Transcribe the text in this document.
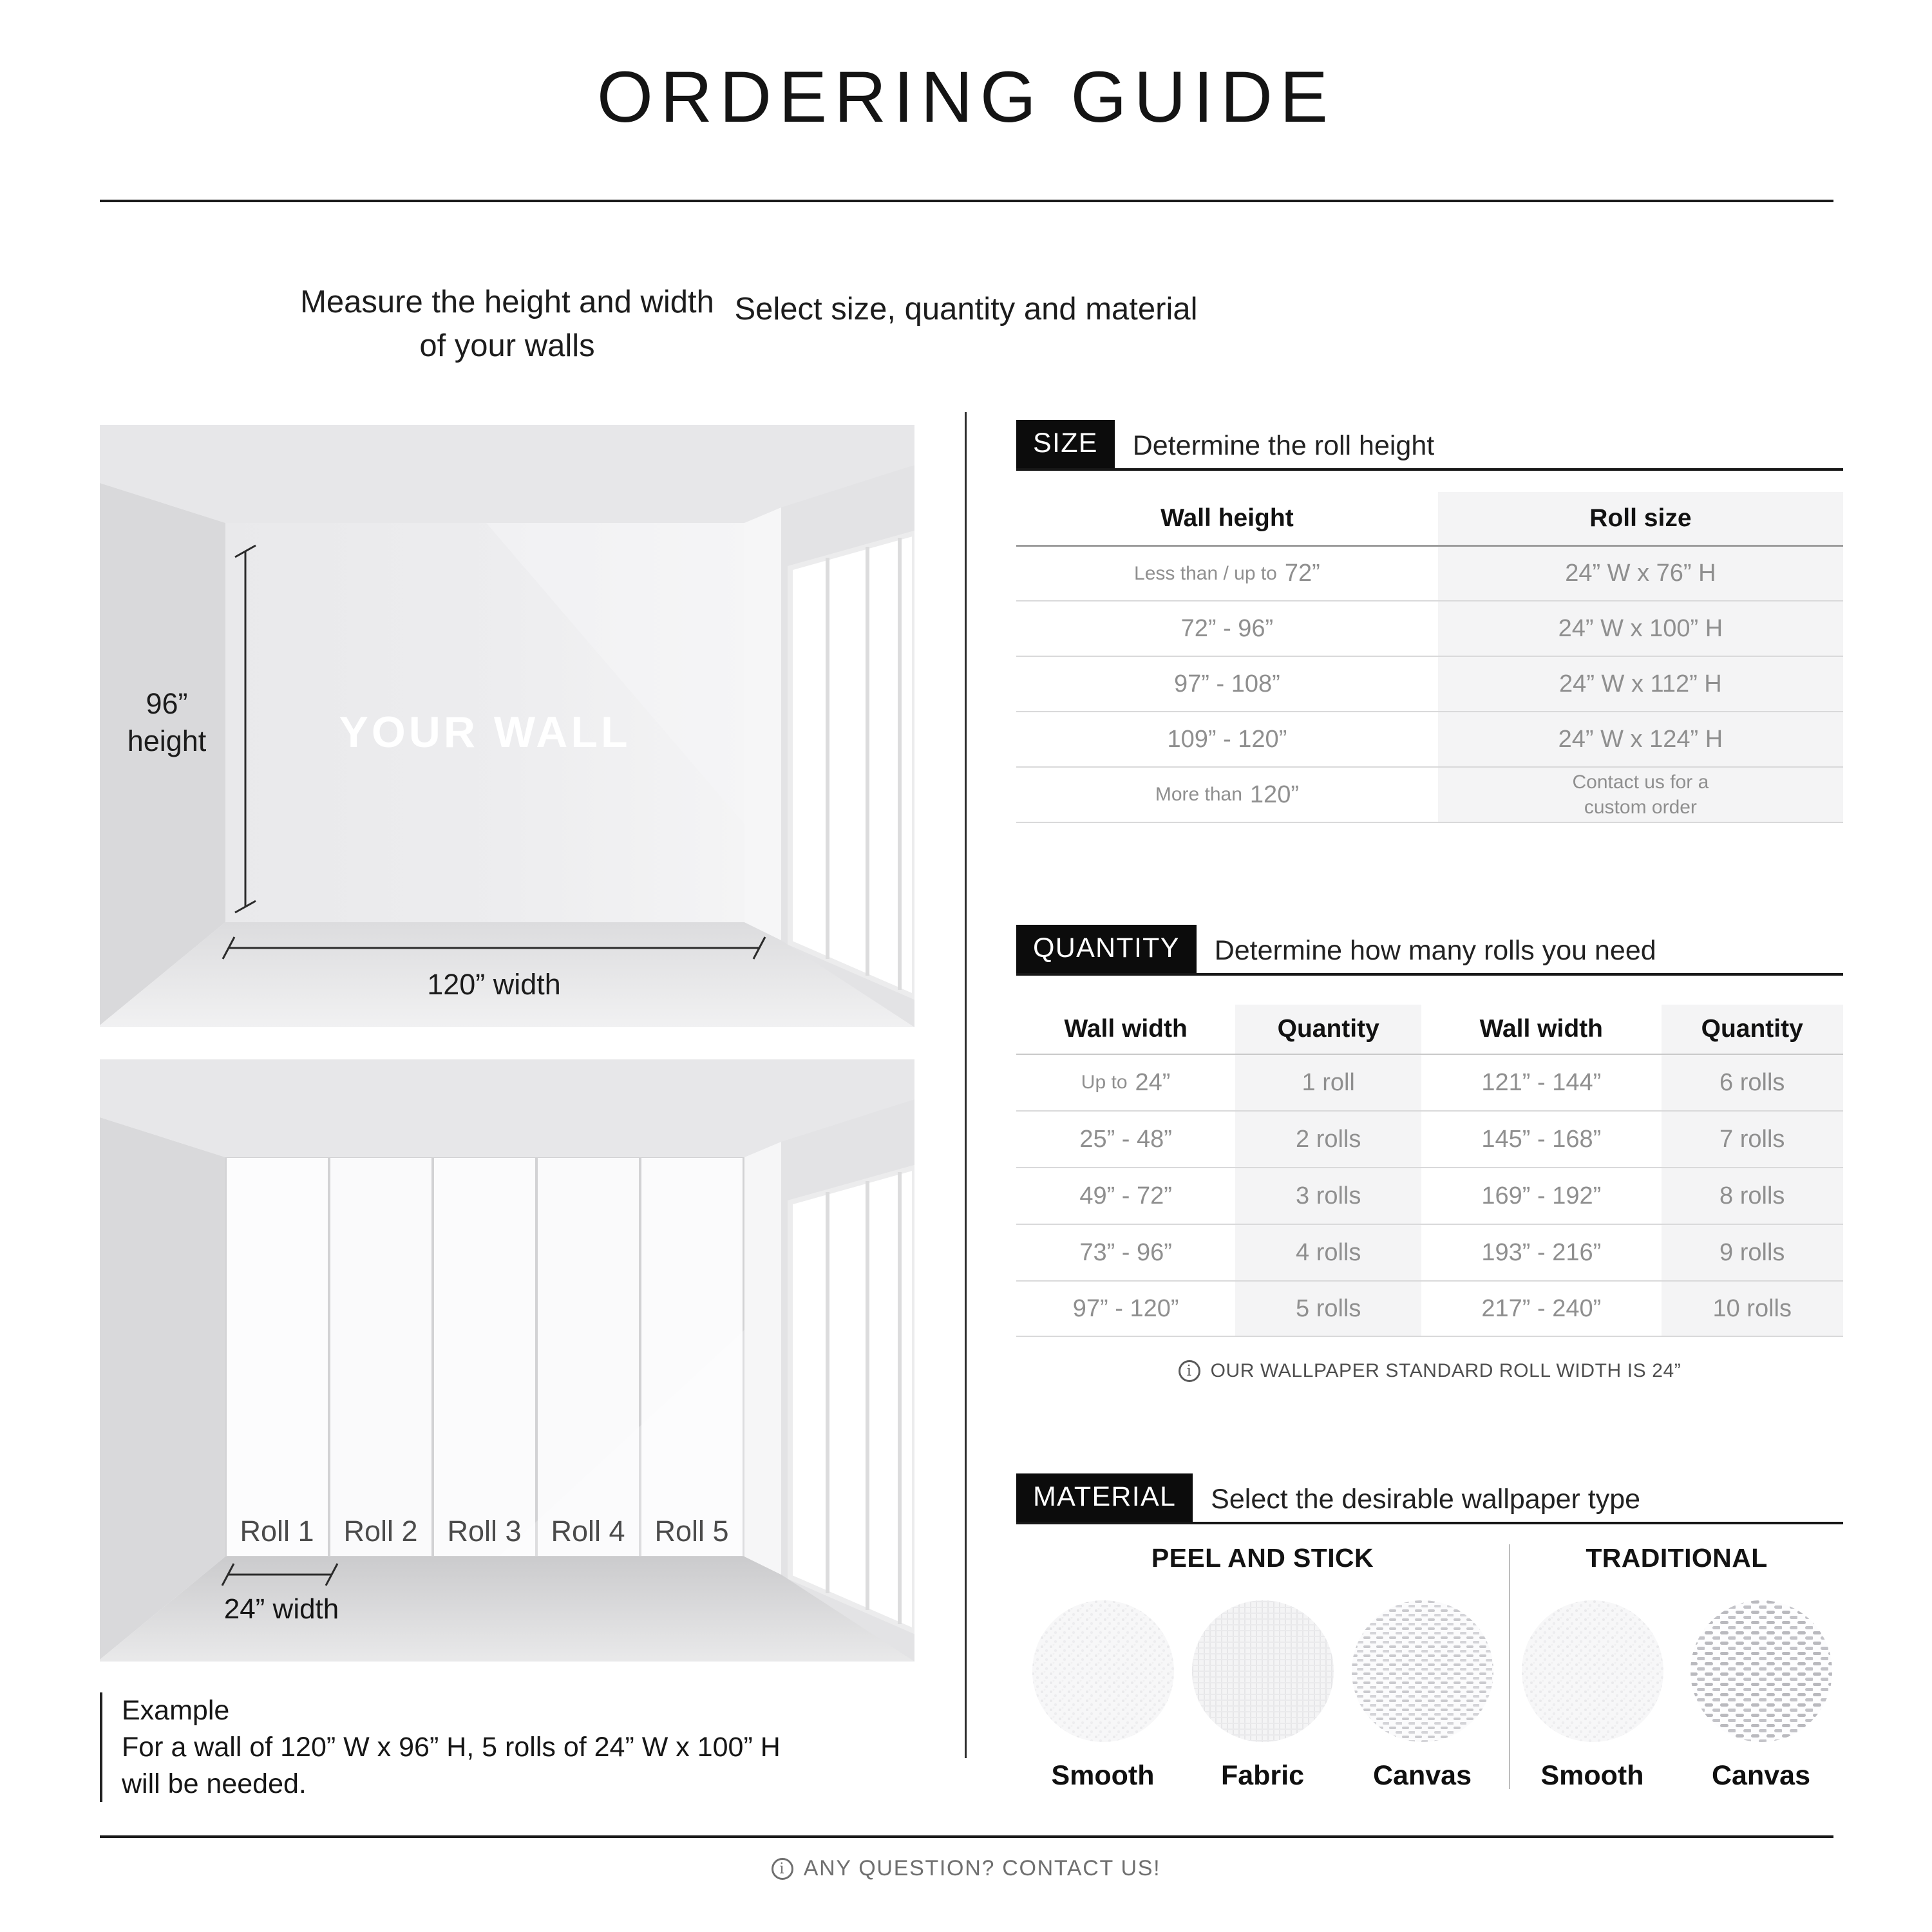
ORDERING GUIDE
Measure the height and width
of your walls
Select size, quantity and material
YOUR WALL
96”
height
120” width
Roll 1 Roll 2 Roll 3 Roll 4 Roll 5
24” width
Example
For a wall of 120” W x 96” H, 5 rolls of 24” W x 100” H
will be needed.
SIZE	Determine the roll height
Wall height	Roll size
Less than / up to 72”	24” W x 76” H
72” - 96”	24” W x 100” H
97” - 108”	24” W x 112” H
109” - 120”	24” W x 124” H
More than 120”	Contact us for a custom order
QUANTITY	Determine how many rolls you need
Wall width	Quantity	Wall width	Quantity
Up to 24”	1 roll	121” - 144”	6 rolls
25” - 48”	2 rolls	145” - 168”	7 rolls
49” - 72”	3 rolls	169” - 192”	8 rolls
73” - 96”	4 rolls	193” - 216”	9 rolls
97” - 120”	5 rolls	217” - 240”	10 rolls
i OUR WALLPAPER STANDARD ROLL WIDTH IS 24”
MATERIAL	Select the desirable wallpaper type
PEEL AND STICK
Smooth Fabric Canvas
TRADITIONAL
Smooth Canvas
i ANY QUESTION? CONTACT US!
